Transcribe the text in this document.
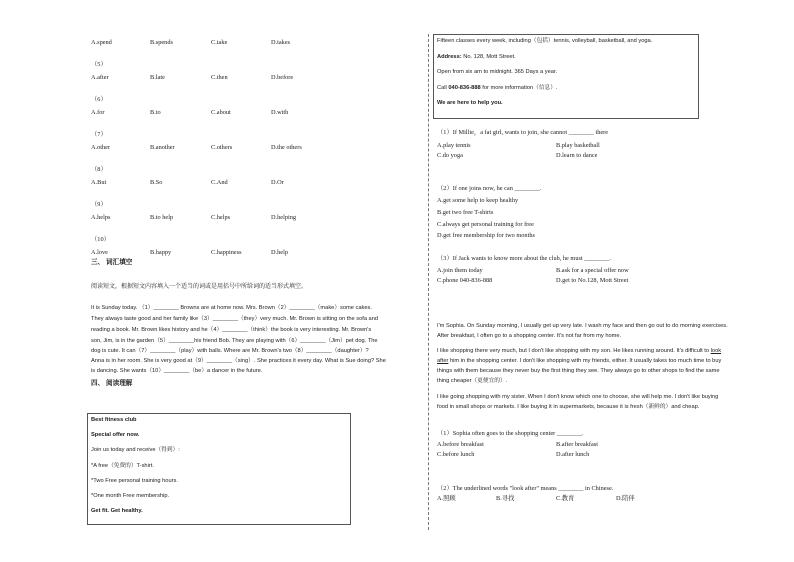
A.spend	B.spends	C.take	D.takes
（5）
A.after	B.late	C.then	D.before
（6）
A.for	B.to	C.about	D.with
（7）
A.other	B.another	C.others	D.the others
（8）
A.But	B.So	C.And	D.Or
（9）
A.helps	B.to help	C.helps	D.helping
（10）
A.love	B.happy	C.happiness	D.help
三、 词汇填空
阅读短文，根据短文内容填入一个适当的词或是用括号中所给词的适当形式填空。
It is Sunday today. （1）________ Browns are at home now. Mrs. Brown（2）________（make）some cakes.
They always taste good and her family like（3）________（they）very much. Mr. Brown is sitting on the sofa and
reading a book. Mr. Brown likes history and he（4）________（think）the book is very interesting. Mr. Brown's
son, Jim, is in the garden（5）________his friend Bob. They are playing with（6）________（Jim）pet dog. The
dog is cute. It can（7）________（play）with balls. Where are Mr. Brown's two（8）________（daughter）?
Anna is in her room. She is very good at（9）________（sing）. She practices it every day. What is Sue doing? She
is dancing. She wants（10）________（be）a dancer in the future.
四、 阅读理解
Best fitness club
Special offer now.
Join us today and receive（得到）:
*A free（免费的）T-shirt.
*Two Free personal training hours.
*One month Free membership.
Get fit. Get healthy.
Fifteen classes every week, including（包括）tennis, volleyball, basketball, and yoga.
Address: No. 128, Mott Street.
Open from six am to midnight. 365 Days a year.
Call 040-836-888 for more information（信息）.
We are here to help you.
（1）If Millie，a fat girl, wants to join, she cannot ________ there
A.play tennis	B.play basketball
C.do yoga	D.learn to dance
（2）If one joins now, he can ________.
A.get some help to keep healthy
B.get two free T-shirts
C.always get personal training for free
D.get free membership for two months
（3）If Jack wants to know more about the club, he must ________.
A.join them today	B.ask for a special offer now
C.phone 040-836-888	D.get to No.128, Mott Street
I'm Sophia. On Sunday morning, I usually get up very late. I wash my face and then go out to do morning exercises.
After breakfast, I often go to a shopping center. It's not far from my home.
I like shopping there very much, but I don't like shopping with my son. He likes running around. It's difficult to look
after him in the shopping center. I don't like shopping with my friends, either. It usually takes too much time to buy
things with them because they never buy the first thing they see. They always go to other shops to find the same
thing cheaper（更便宜的）.
I like going shopping with my sister. When I don't know which one to choose, she will help me. I don't like buying
food in small shops or markets. I like buying it in supermarkets, because it is fresh（新鲜的）and cheap.
（1）Sophia often goes to the shopping center ________.
A.before breakfast	B.after breakfast
C.before lunch	D.after lunch
（2）The underlined words "look after" means ________ in Chinese.
A.照顾	B.寻找	C.教育	D.陪伴
